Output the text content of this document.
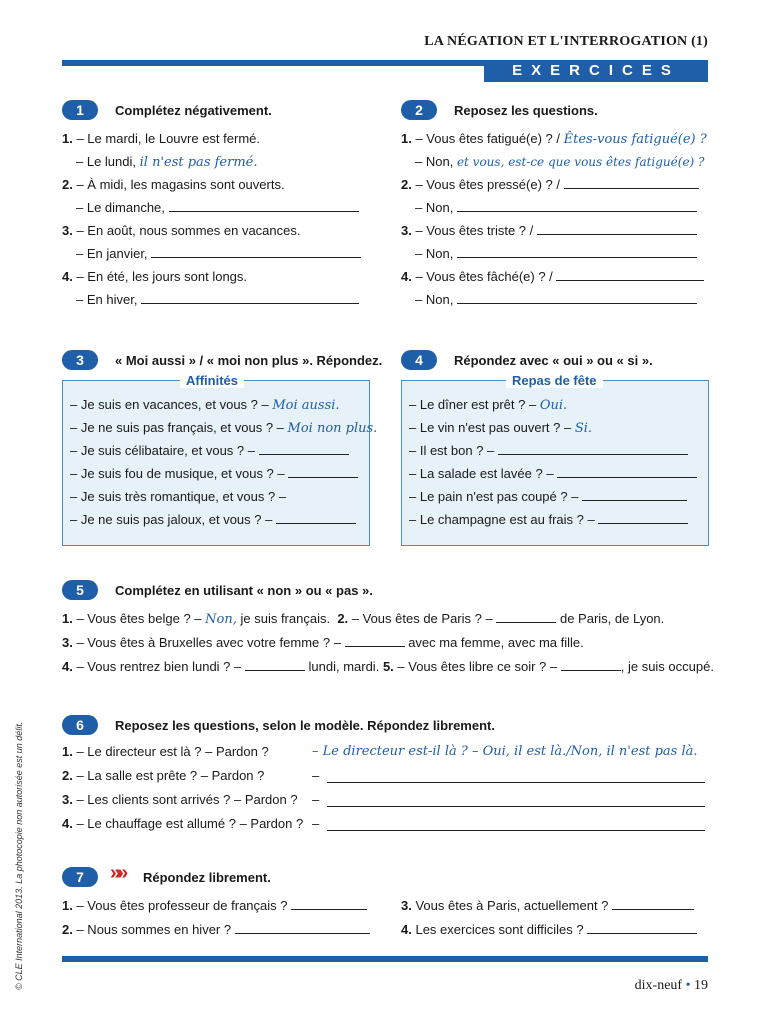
LA NÉGATION ET L'INTERROGATION (1)
EXERCICES
© CLE International 2013. La photocopie non autorisée est un délit.
1	Complétez négativement.
1. – Le mardi, le Louvre est fermé.
– Le lundi, il n'est pas fermé.
2. – À midi, les magasins sont ouverts.
– Le dimanche,
3. – En août, nous sommes en vacances.
– En janvier,
4. – En été, les jours sont longs.
– En hiver,
2	Reposez les questions.
1. – Vous êtes fatigué(e) ? / Êtes-vous fatigué(e) ?
– Non, et vous, est-ce que vous êtes fatigué(e) ?
2. – Vous êtes pressé(e) ? /
– Non,
3. – Vous êtes triste ? /
– Non,
4. – Vous êtes fâché(e) ? /
– Non,
3	« Moi aussi » / « moi non plus ». Répondez.
Affinités
– Je suis en vacances, et vous ? – Moi aussi.
– Je ne suis pas français, et vous ? – Moi non plus.
– Je suis célibataire, et vous ? –
– Je suis fou de musique, et vous ? –
– Je suis très romantique, et vous ? –
– Je ne suis pas jaloux, et vous ? –
4	Répondez avec « oui » ou « si ».
Repas de fête
– Le dîner est prêt ? – Oui.
– Le vin n'est pas ouvert ? – Si.
– Il est bon ? –
– La salade est lavée ? –
– Le pain n'est pas coupé ? –
– Le champagne est au frais ? –
5	Complétez en utilisant « non » ou « pas ».
1. – Vous êtes belge ? – Non, je suis français. 2. – Vous êtes de Paris ? –	de Paris, de Lyon.
3. – Vous êtes à Bruxelles avec votre femme ? –	avec ma femme, avec ma fille.
4. – Vous rentrez bien lundi ? –	lundi, mardi. 5. – Vous êtes libre ce soir ? –	, je suis occupé.
6	Reposez les questions, selon le modèle. Répondez librement.
1. – Le directeur est là ? – Pardon ?	– Le directeur est-il là ? – Oui, il est là./Non, il n'est pas là.
2. – La salle est prête ? – Pardon ?	–
3. – Les clients sont arrivés ? – Pardon ? –
4. – Le chauffage est allumé ? – Pardon ? –
7	»» Répondez librement.
1. – Vous êtes professeur de français ?
2. – Nous sommes en hiver ?
3. Vous êtes à Paris, actuellement ?
4. Les exercices sont difficiles ?
dix-neuf • 19
